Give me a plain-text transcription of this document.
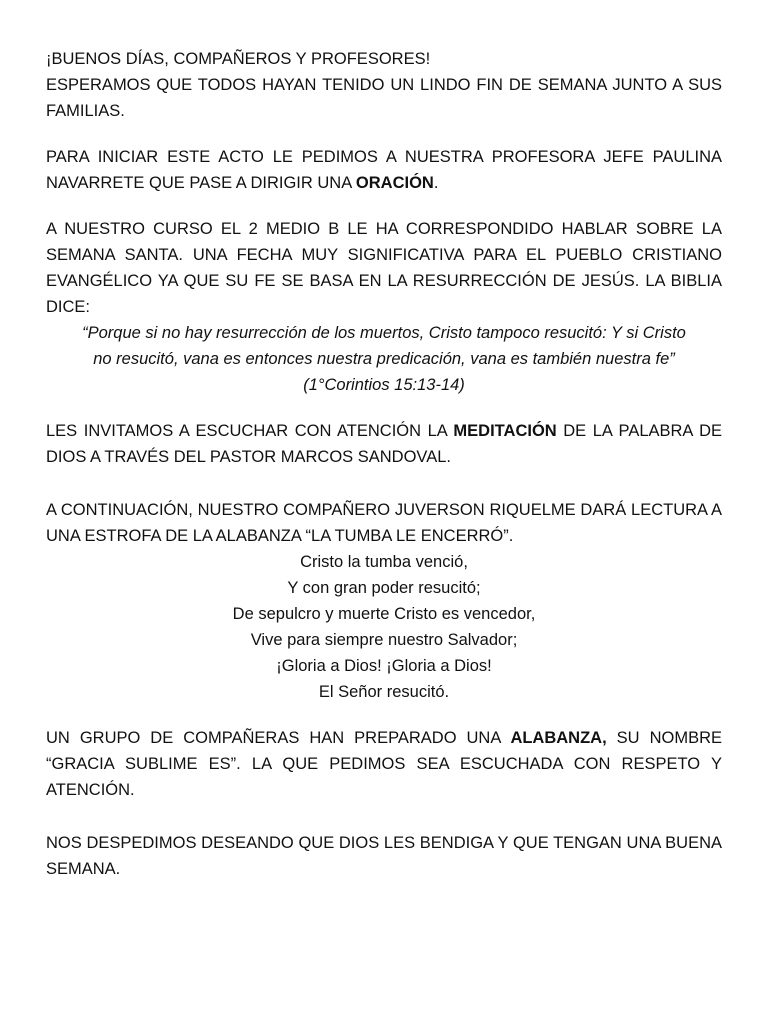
¡BUENOS DÍAS, COMPAÑEROS Y PROFESORES!
ESPERAMOS QUE TODOS HAYAN TENIDO UN LINDO FIN DE SEMANA JUNTO A SUS FAMILIAS.

PARA INICIAR ESTE ACTO LE PEDIMOS A NUESTRA PROFESORA JEFE PAULINA NAVARRETE QUE PASE A DIRIGIR UNA ORACIÓN.

A NUESTRO CURSO EL 2 MEDIO B LE HA CORRESPONDIDO HABLAR SOBRE LA SEMANA SANTA. UNA FECHA MUY SIGNIFICATIVA PARA EL PUEBLO CRISTIANO EVANGÉLICO YA QUE SU FE SE BASA EN LA RESURRECCIÓN DE JESÚS. LA BIBLIA DICE:

“Porque si no hay resurrección de los muertos, Cristo tampoco resucitó: Y si Cristo
no resucitó, vana es entonces nuestra predicación, vana es también nuestra fe”
(1°Corintios 15:13-14)

LES INVITAMOS A ESCUCHAR CON ATENCIÓN LA MEDITACIÓN DE LA PALABRA DE DIOS A TRAVÉS DEL PASTOR MARCOS SANDOVAL.

A CONTINUACIÓN, NUESTRO COMPAÑERO JUVERSON RIQUELME DARÁ LECTURA A UNA ESTROFA DE LA ALABANZA “LA TUMBA LE ENCERRÓ”.

Cristo la tumba venció,
Y con gran poder resucitó;
De sepulcro y muerte Cristo es vencedor,
Vive para siempre nuestro Salvador;
¡Gloria a Dios! ¡Gloria a Dios!
El Señor resucitó.

UN GRUPO DE COMPAÑERAS HAN PREPARADO UNA ALABANZA, SU NOMBRE “GRACIA SUBLIME ES”. LA QUE PEDIMOS SEA ESCUCHADA CON RESPETO Y ATENCIÓN.

NOS DESPEDIMOS DESEANDO QUE DIOS LES BENDIGA Y QUE TENGAN UNA BUENA SEMANA.
